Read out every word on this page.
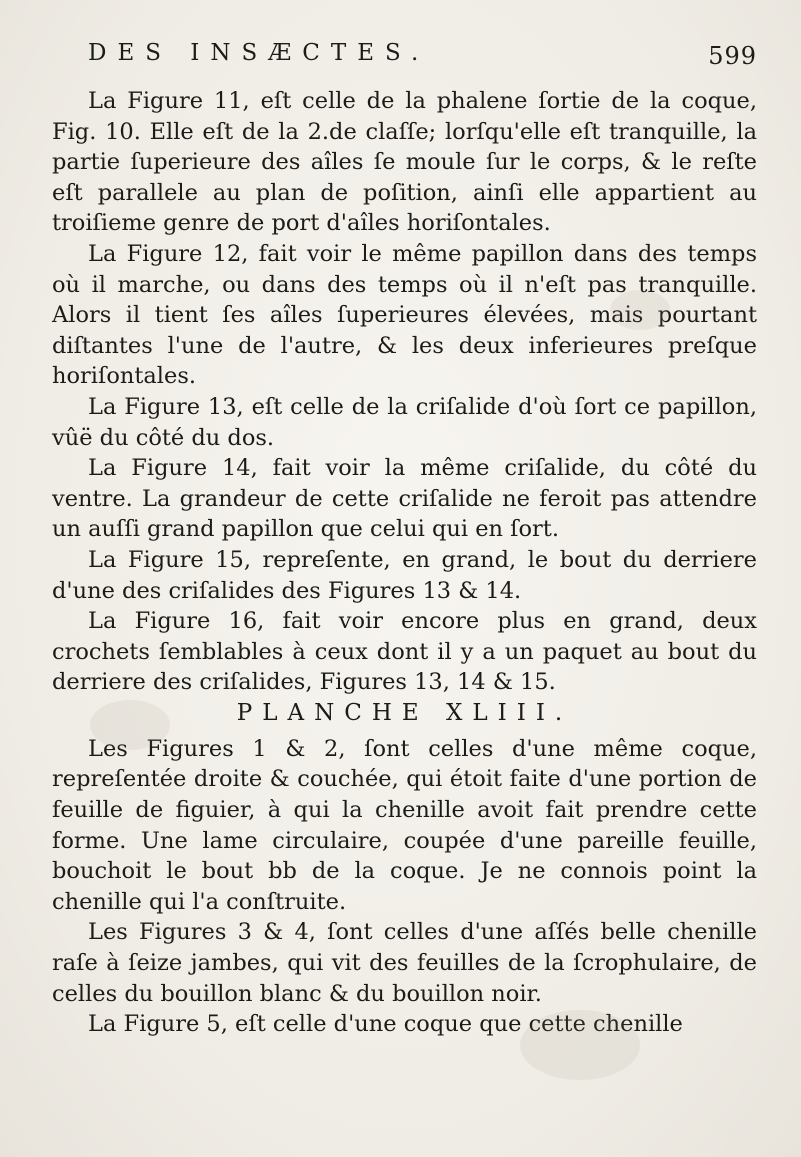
DES INSÆCTES.	599

La Figure 11, eſt celle de la phalene ſortie de la coque, Fig. 10. Elle eſt de la 2.de claſſe; lorſqu'elle eſt tranquille, la partie ſuperieure des aîles ſe moule ſur le corps, & le reſte eſt parallele au plan de poſition, ainſi elle appartient au troiſieme genre de port d'aîles horiſontales.

La Figure 12, fait voir le même papillon dans des temps où il marche, ou dans des temps où il n'eſt pas tranquille. Alors il tient ſes aîles ſuperieures élevées, mais pourtant diſtantes l'une de l'autre, & les deux inferieures preſque horiſontales.

La Figure 13, eſt celle de la criſalide d'où ſort ce papillon, vûë du côté du dos.

La Figure 14, fait voir la même criſalide, du côté du ventre. La grandeur de cette criſalide ne feroit pas attendre un auſſi grand papillon que celui qui en ſort.

La Figure 15, repreſente, en grand, le bout du derriere d'une des criſalides des Figures 13 & 14.

La Figure 16, fait voir encore plus en grand, deux crochets ſemblables à ceux dont il y a un paquet au bout du derriere des criſalides, Figures 13, 14 & 15.

PLANCHE XLIII.

Les Figures 1 & 2, ſont celles d'une même coque, repreſentée droite & couchée, qui étoit faite d'une portion de feuille de figuier, à qui la chenille avoit fait prendre cette forme. Une lame circulaire, coupée d'une pareille feuille, bouchoit le bout bb de la coque. Je ne connois point la chenille qui l'a conſtruite.

Les Figures 3 & 4, ſont celles d'une aſſés belle chenille raſe à ſeize jambes, qui vit des feuilles de la ſcrophulaire, de celles du bouillon blanc & du bouillon noir.

La Figure 5, eſt celle d'une coque que cette chenille
